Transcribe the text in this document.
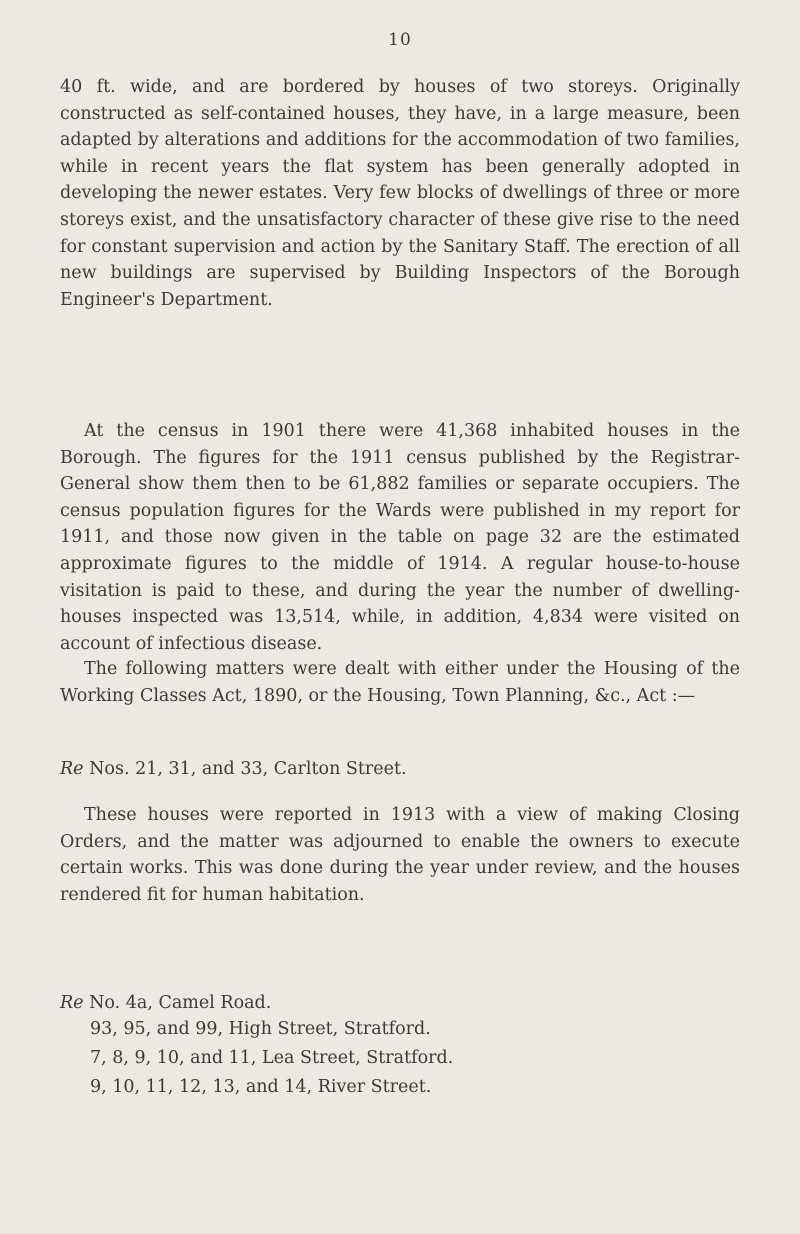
10

40 ft. wide, and are bordered by houses of two storeys. Originally constructed as self-contained houses, they have, in a large measure, been adapted by alterations and additions for the accommodation of two families, while in recent years the flat system has been generally adopted in developing the newer estates. Very few blocks of dwellings of three or more storeys exist, and the unsatisfactory character of these give rise to the need for constant supervision and action by the Sanitary Staff. The erection of all new buildings are supervised by Building Inspectors of the Borough Engineer's Department.

At the census in 1901 there were 41,368 inhabited houses in the Borough. The figures for the 1911 census published by the Registrar-General show them then to be 61,882 families or separate occupiers. The census population figures for the Wards were published in my report for 1911, and those now given in the table on page 32 are the estimated approximate figures to the middle of 1914. A regular house-to-house visitation is paid to these, and during the year the number of dwelling-houses inspected was 13,514, while, in addition, 4,834 were visited on account of infectious disease.

The following matters were dealt with either under the Housing of the Working Classes Act, 1890, or the Housing, Town Planning, &c., Act :—

Re Nos. 21, 31, and 33, Carlton Street.

These houses were reported in 1913 with a view of making Closing Orders, and the matter was adjourned to enable the owners to execute certain works. This was done during the year under review, and the houses rendered fit for human habitation.

Re No. 4a, Camel Road.

93, 95, and 99, High Street, Stratford.
7, 8, 9, 10, and 11, Lea Street, Stratford.
9, 10, 11, 12, 13, and 14, River Street.
